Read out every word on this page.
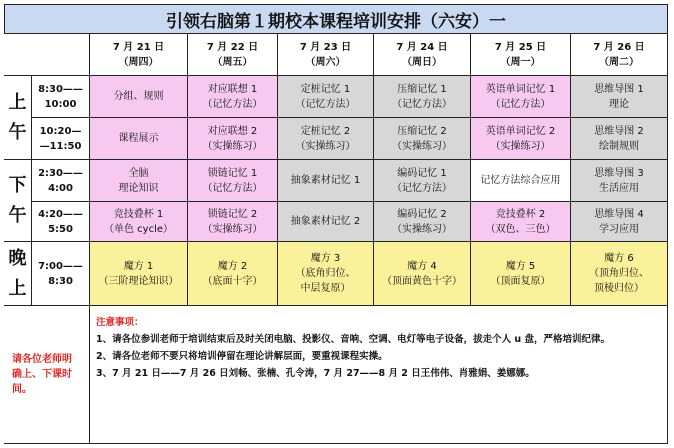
引领右脑第１期校本课程培训安排（六安）一
7 月 21 日
（周四）
7 月 22 日
（周五）
7 月 23 日
（周六）
7 月 24 日
（周日）
7 月 25 日
（周一）
7 月 26 日
（周二）
上

午
下

午
晚

上
8:30——
10:00
分组、规则
对应联想 1
（记忆方法）
定桩记忆 1
（记忆方法）
压缩记忆 1
（记忆方法）
英语单词记忆 1
（记忆方法）
思维导图 1
理论
10:20—
—11:50
课程展示
对应联想 2
（实操练习）
定桩记忆 2
（实操练习）
压缩记忆 2
（实操练习）
英语单词记忆 2
（实操练习）
思维导图 2
绘制规则
2:30——
4:00
全脑
理论知识
锁链记忆 1
（记忆方法）
抽象素材记忆 1
编码记忆 1
（记忆方法）
记忆方法综合应用
思维导图 3
生活应用
4:20——
5:50
竞技叠杯 1
（单色 cycle）
锁链记忆 2
（实操练习）
抽象素材记忆 2
编码记忆 2
（实操练习）
竞技叠杯 2
（双色、三色）
思维导图 4
学习应用
7:00——
8:30
魔方 1
（三阶理论知识）
魔方 2
（底面十字）
魔方 3
（底角归位、
中层复原）
魔方 4
（顶面黄色十字）
魔方 5
（顶面复原）
魔方 6
（顶角归位、
顶棱归位）
请各位老师明
确上、下课时
间。
注意事项：
1、请各位参训老师于培训结束后及时关闭电脑、投影仪、音响、空调、电灯等电子设备，拔走个人 u 盘，严格培训纪律。
2、请各位老师不要只将培训停留在理论讲解层面，要重视课程实操。
3、7 月 21 日——7 月 26 日刘畅、张楠、孔令涛，7 月 27——8 月 2 日王伟伟、肖雅娟、姜娜娜。
